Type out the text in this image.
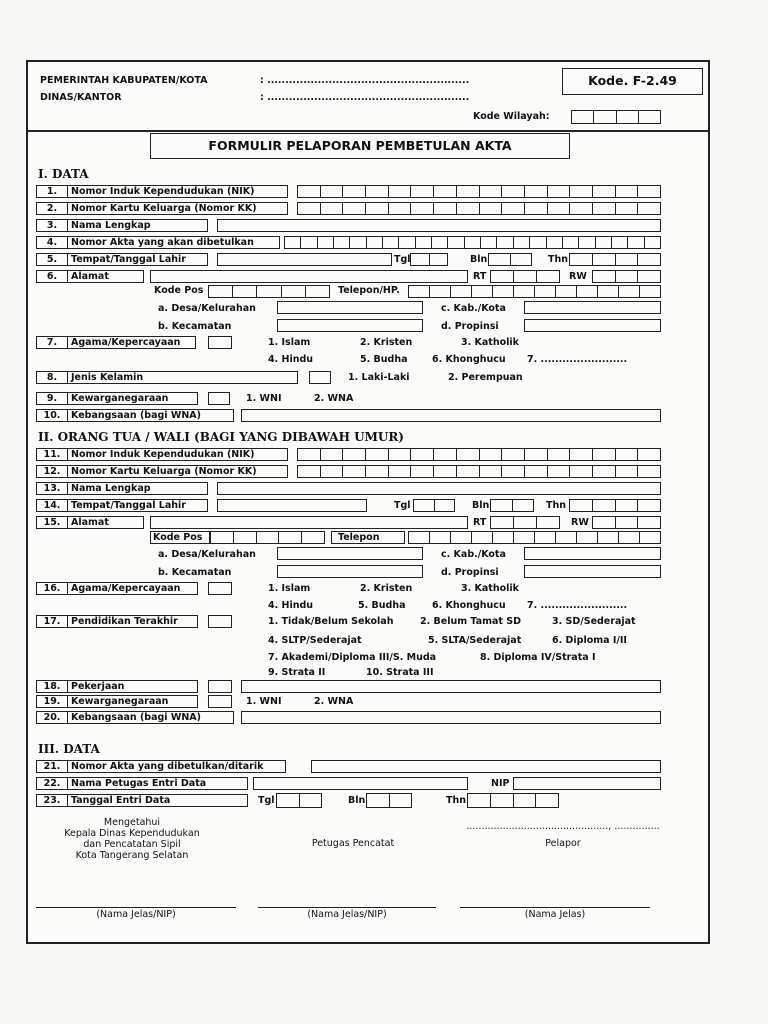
PEMERINTAH KABUPATEN/KOTA	: ........................................................
DINAS/KANTOR	: ........................................................
Kode. F-2.49
Kode Wilayah:
FORMULIR PELAPORAN PEMBETULAN AKTA
I. DATA
1. Nomor Induk Kependudukan (NIK)
2. Nomor Kartu Keluarga (Nomor KK)
3. Nama Lengkap
4. Nomor Akta yang akan dibetulkan
5. Tempat/Tanggal Lahir	Tgl	Bln	Thn
6. Alamat	RT	RW
Kode Pos	Telepon/HP.
a. Desa/Kelurahan	c. Kab./Kota
b. Kecamatan	d. Propinsi
7. Agama/Kepercayaan	1. Islam	2. Kristen	3. Katholik
4. Hindu	5. Budha	6. Khonghucu 7. ........................
8. Jenis Kelamin	1. Laki-Laki	2. Perempuan
9. Kewarganegaraan	1. WNI	2. WNA
10. Kebangsaan (bagi WNA)
II. ORANG TUA / WALI (BAGI YANG DIBAWAH UMUR)
11. Nomor Induk Kependudukan (NIK)
12. Nomor Kartu Keluarga (Nomor KK)
13. Nama Lengkap
14. Tempat/Tanggal Lahir	Tgl	Bln	Thn
15. Alamat	RT	RW
Kode Pos	Telepon
a. Desa/Kelurahan	c. Kab./Kota
b. Kecamatan	d. Propinsi
16. Agama/Kepercayaan	1. Islam	2. Kristen	3. Katholik
4. Hindu	5. Budha	6. Khonghucu 7. ........................
17. Pendidikan Terakhir	1. Tidak/Belum Sekolah	2. Belum Tamat SD	3. SD/Sederajat
4. SLTP/Sederajat	5. SLTA/Sederajat	6. Diploma I/II
7. Akademi/Diploma III/S. Muda	8. Diploma IV/Strata I
9. Strata II	10. Strata III
18. Pekerjaan
19. Kewarganegaraan	1. WNI	2. WNA
20. Kebangsaan (bagi WNA)
III. DATA
21. Nomor Akta yang dibetulkan/ditarik
22. Nama Petugas Entri Data	NIP
23. Tanggal Entri Data	Tgl	Bln	Thn
Mengetahui
Kepala Dinas Kependudukan
dan Pencatatan Sipil
Kota Tangerang Selatan
Petugas Pencatat
..............................................., ...............
Pelapor
(Nama Jelas/NIP)	(Nama Jelas/NIP)	(Nama Jelas)
